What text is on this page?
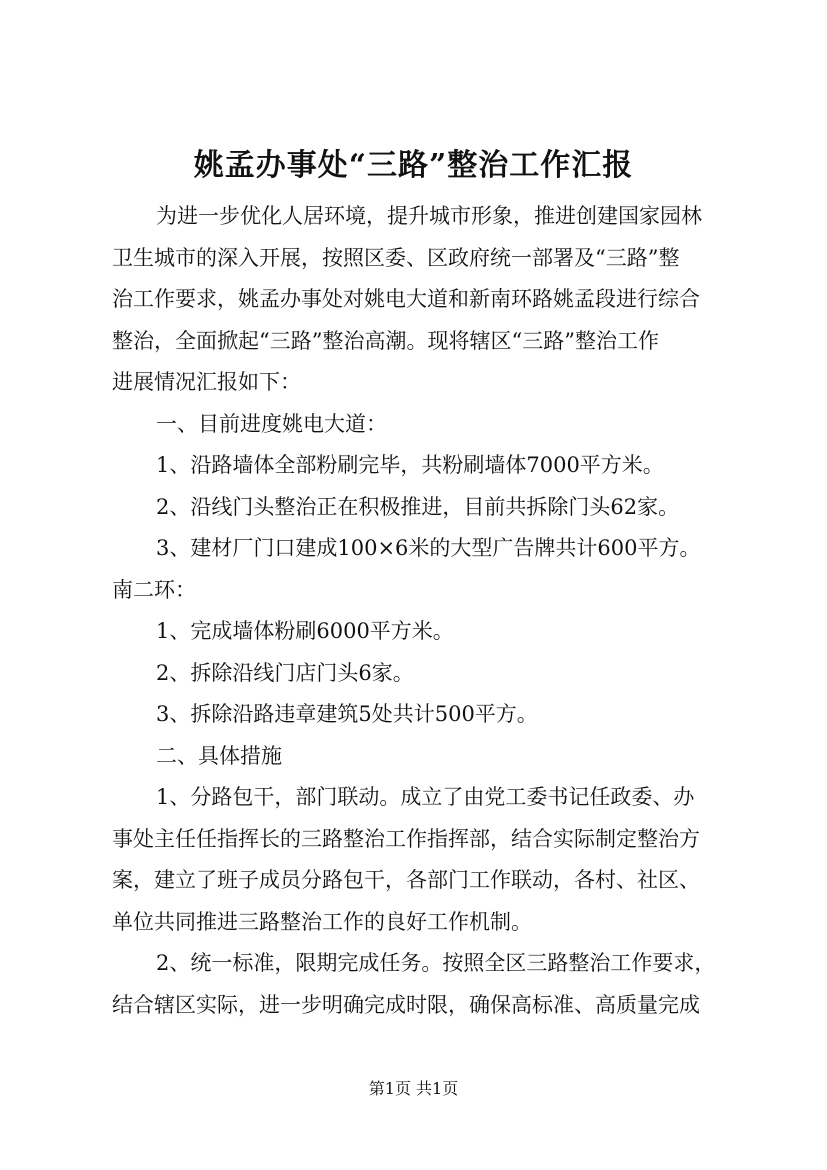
姚孟办事处“三路”整治工作汇报
为进一步优化人居环境，提升城市形象，推进创建国家园林
卫生城市的深入开展，按照区委、区政府统一部署及“三路”整
治工作要求，姚孟办事处对姚电大道和新南环路姚孟段进行综合
整治，全面掀起“三路”整治高潮。现将辖区“三路”整治工作
进展情况汇报如下：
一、目前进度姚电大道：
1、沿路墙体全部粉刷完毕，共粉刷墙体7000平方米。
2、沿线门头整治正在积极推进，目前共拆除门头62家。
3、建材厂门口建成100×6米的大型广告牌共计600平方。
南二环：
1、完成墙体粉刷6000平方米。
2、拆除沿线门店门头6家。
3、拆除沿路违章建筑5处共计500平方。
二、具体措施
1、分路包干，部门联动。成立了由党工委书记任政委、办
事处主任任指挥长的三路整治工作指挥部，结合实际制定整治方
案，建立了班子成员分路包干，各部门工作联动，各村、社区、
单位共同推进三路整治工作的良好工作机制。
2、统一标准，限期完成任务。按照全区三路整治工作要求，
结合辖区实际，进一步明确完成时限，确保高标准、高质量完成
第1页 共1页
